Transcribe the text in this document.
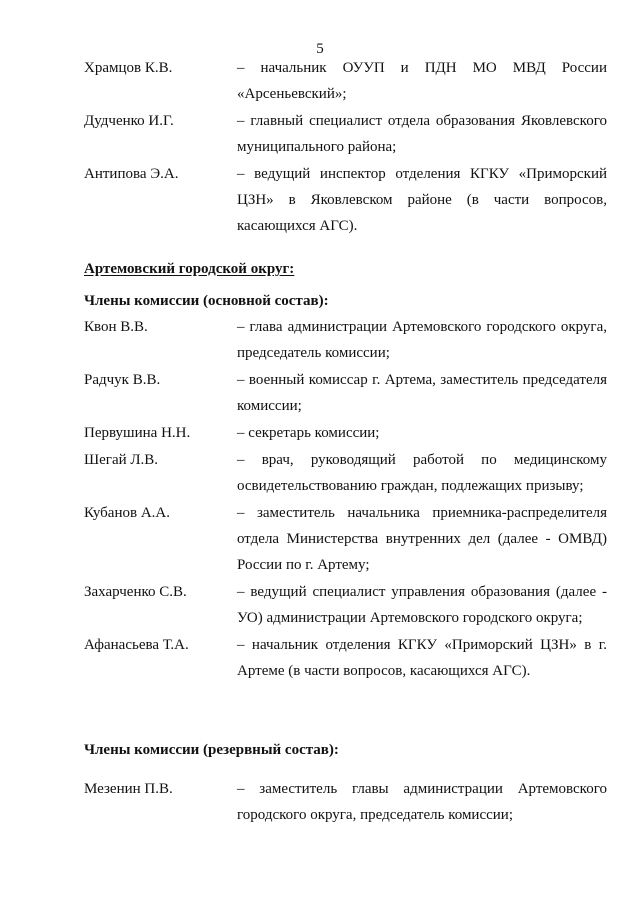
5
Храмцов К.В.	– начальник ОУУП и ПДН МО МВД России «Арсеньевский»;
Дудченко И.Г.	– главный специалист отдела образования Яковлевского муниципального района;
Антипова Э.А.	– ведущий инспектор отделения КГКУ «Приморский ЦЗН» в Яковлевском районе (в части вопросов, касающихся АГС).
Артемовский городской округ:
Члены комиссии (основной состав):
Квон В.В.	– глава администрации Артемовского городского округа, председатель комиссии;
Радчук В.В.	– военный комиссар г. Артема, заместитель председателя комиссии;
Первушина Н.Н.	– секретарь комиссии;
Шегай Л.В.	– врач, руководящий работой по медицинскому освидетельствованию граждан, подлежащих призыву;
Кубанов А.А.	– заместитель начальника приемника-распределителя отдела Министерства внутренних дел (далее - ОМВД) России по г. Артему;
Захарченко С.В.	– ведущий специалист управления образования (далее - УО) администрации Артемовского городского округа;
Афанасьева Т.А.	– начальник отделения КГКУ «Приморский ЦЗН» в г. Артеме (в части вопросов, касающихся АГС).
Члены комиссии (резервный состав):
Мезенин П.В.	– заместитель главы администрации Артемовского городского округа, председатель комиссии;
